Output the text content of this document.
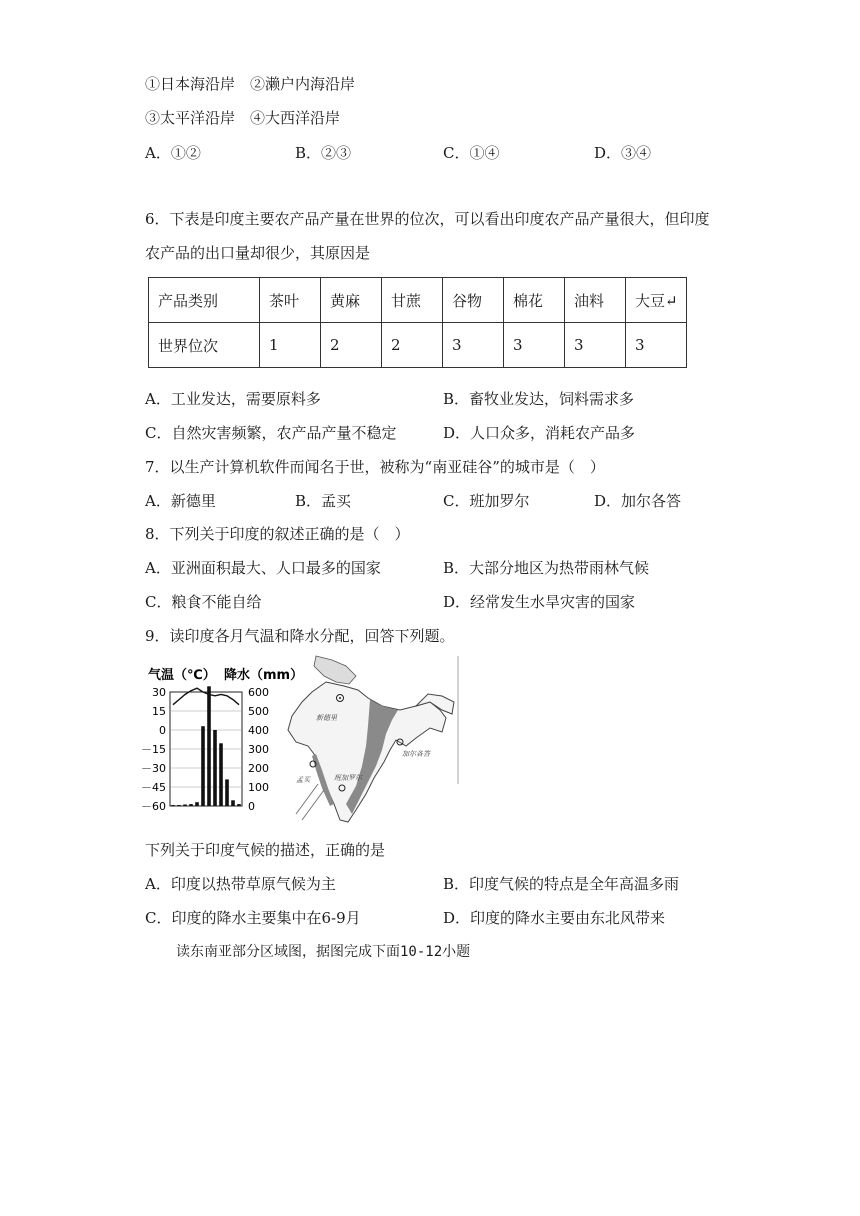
①日本海沿岸　②濑户内海沿岸
③太平洋沿岸　④大西洋沿岸
A．①②	B．②③	C．①④	D．③④
6．下表是印度主要农产品产量在世界的位次，可以看出印度农产品产量很大，但印度
农产品的出口量却很少，其原因是
产品类别	茶叶	黄麻	甘蔗	谷物	棉花	油料	大豆↵
世界位次	1	2	2	3	3	3	3
A．工业发达，需要原料多	B．畜牧业发达，饲料需求多
C．自然灾害频繁，农产品产量不稳定	D．人口众多，消耗农产品多
7．以生产计算机软件而闻名于世，被称为“南亚硅谷”的城市是（　）
A．新德里	B．孟买	C．班加罗尔	D．加尔各答
8．下列关于印度的叙述正确的是（　）
A．亚洲面积最大、人口最多的国家	B．大部分地区为热带雨林气候
C．粮食不能自给	D．经常发生水旱灾害的国家
9．读印度各月气温和降水分配，回答下列题。
气温（℃） 降水（mm）
30
15
0
－15
－30
－45
－60
600
500
400
300
200
100
0
新德里
加尔各答
孟买	班加罗尔
下列关于印度气候的描述，正确的是
A．印度以热带草原气候为主	B．印度气候的特点是全年高温多雨
C．印度的降水主要集中在6-9月	D．印度的降水主要由东北风带来
读东南亚部分区域图，据图完成下面10-12小题
